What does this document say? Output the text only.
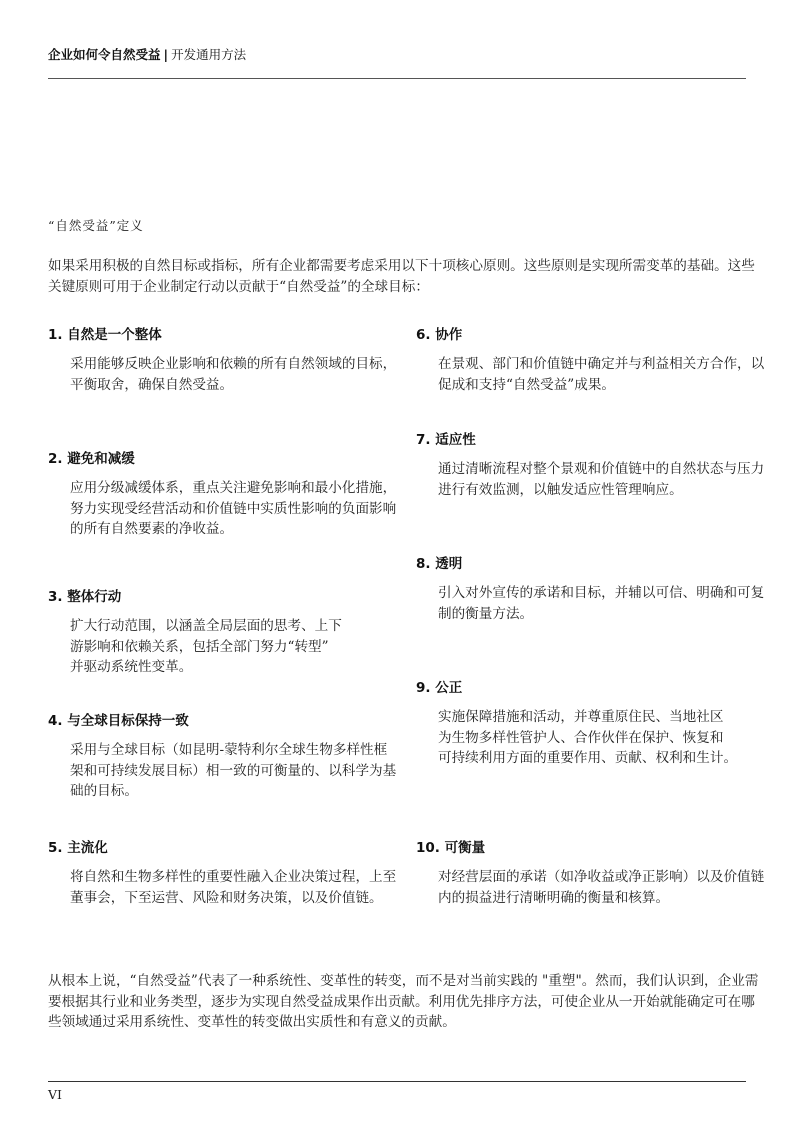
企业如何令自然受益 | 开发通用方法
“自然受益”定义
如果采用积极的自然目标或指标，所有企业都需要考虑采用以下十项核心原则。这些原则是实现所需变革的基础。这些关键原则可用于企业制定行动以贡献于“自然受益”的全球目标：
1. 自然是一个整体
采用能够反映企业影响和依赖的所有自然领域的目标，平衡取舍，确保自然受益。
2. 避免和减缓
应用分级减缓体系，重点关注避免影响和最小化措施，努力实现受经营活动和价值链中实质性影响的负面影响的所有自然要素的净收益。
3. 整体行动
扩大行动范围，以涵盖全局层面的思考、上下
游影响和依赖关系，包括全部门努力“转型”
并驱动系统性变革。
4. 与全球目标保持一致
采用与全球目标（如昆明-蒙特利尔全球生物多样性框架和可持续发展目标）相一致的可衡量的、以科学为基础的目标。
5. 主流化
将自然和生物多样性的重要性融入企业决策过程，上至董事会，下至运营、风险和财务决策，以及价值链。
6. 协作
在景观、部门和价值链中确定并与利益相关方合作，以促成和支持“自然受益”成果。
7. 适应性
通过清晰流程对整个景观和价值链中的自然状态与压力进行有效监测，以触发适应性管理响应。
8. 透明
引入对外宣传的承诺和目标，并辅以可信、明确和可复制的衡量方法。
9. 公正
实施保障措施和活动，并尊重原住民、当地社区
为生物多样性管护人、合作伙伴在保护、恢复和
可持续利用方面的重要作用、贡献、权利和生计。
10. 可衡量
对经营层面的承诺（如净收益或净正影响）以及价值链内的损益进行清晰明确的衡量和核算。
从根本上说，“自然受益”代表了一种系统性、变革性的转变，而不是对当前实践的 "重塑"。然而，我们认识到，企业需要根据其行业和业务类型，逐步为实现自然受益成果作出贡献。利用优先排序方法，可使企业从一开始就能确定可在哪些领域通过采用系统性、变革性的转变做出实质性和有意义的贡献。
VI
